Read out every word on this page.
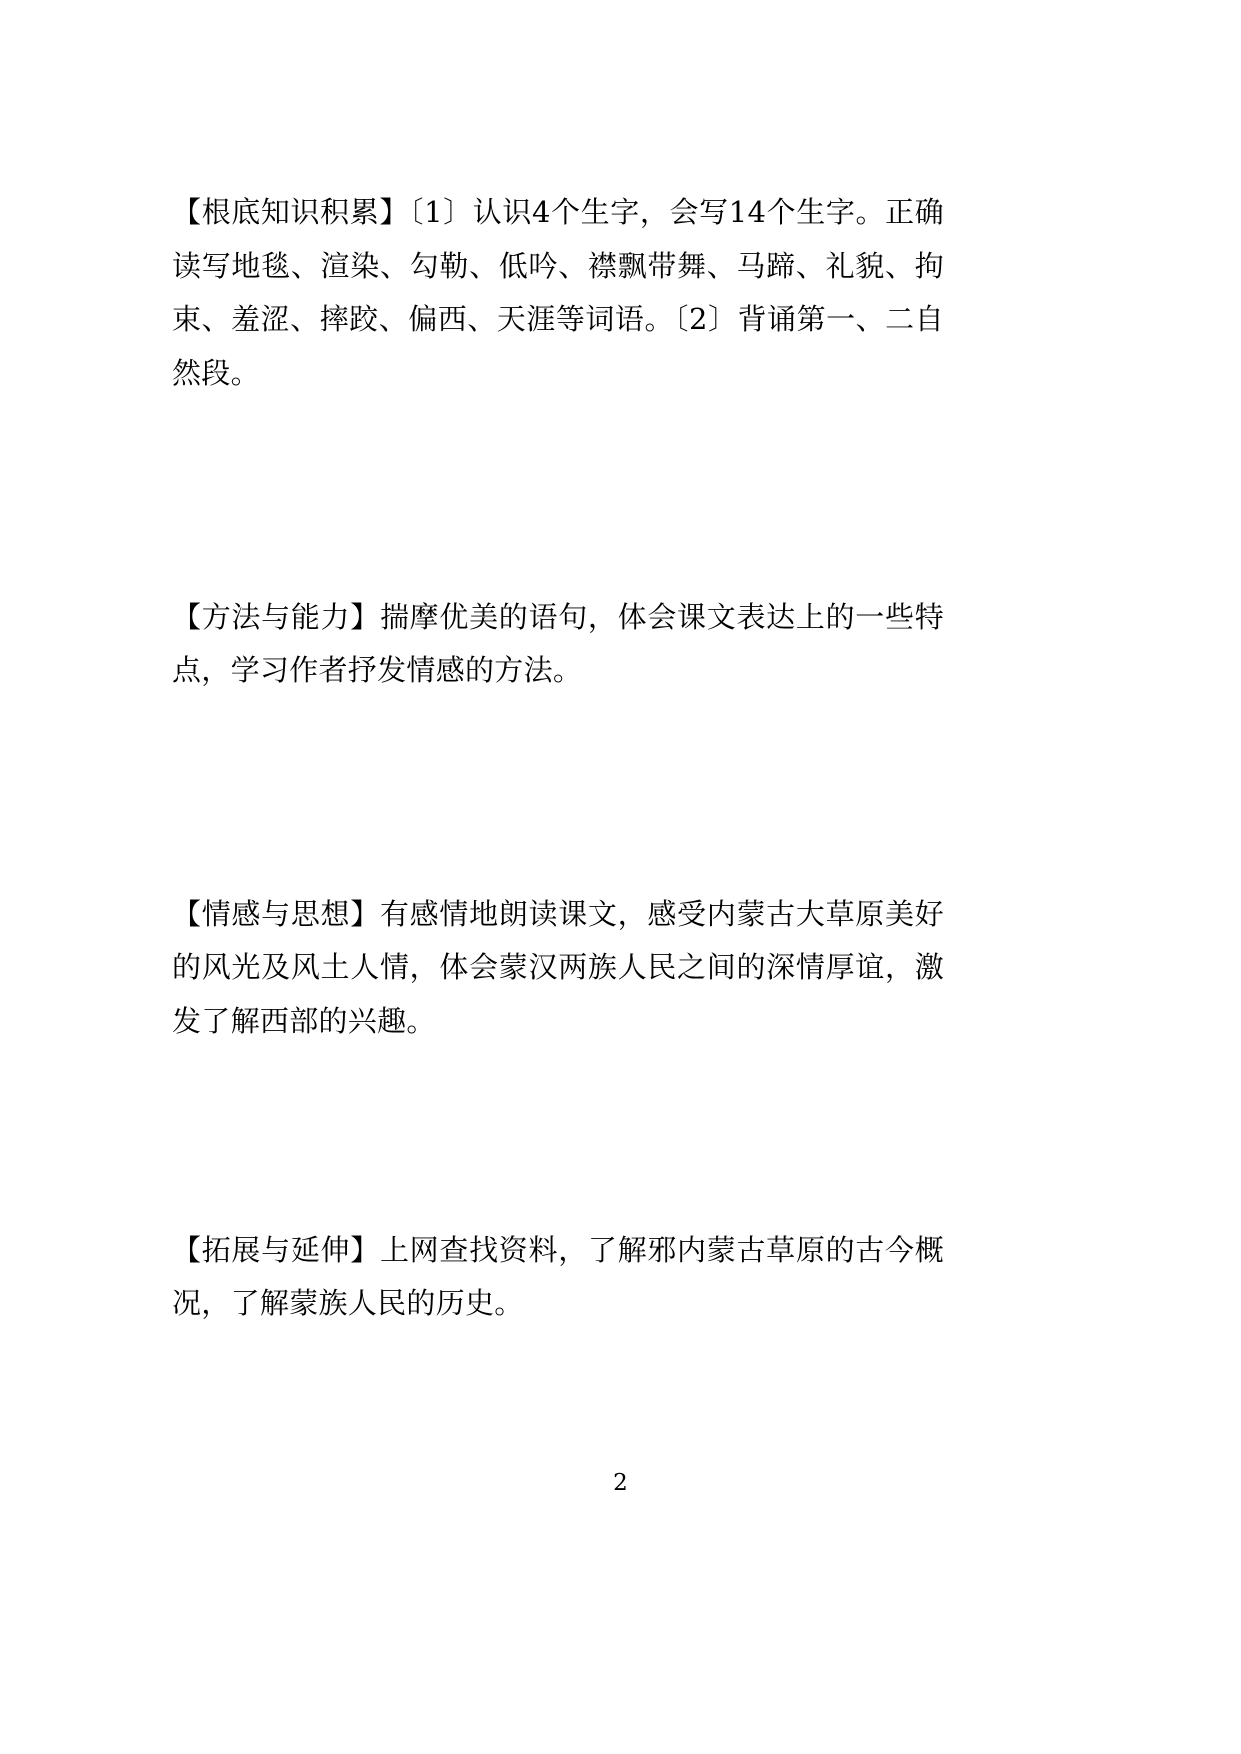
【根底知识积累】〔1〕认识4个生字，会写14个生字。正确读写地毯、渲染、勾勒、低吟、襟飘带舞、马蹄、礼貌、拘束、羞涩、摔跤、偏西、天涯等词语。〔2〕背诵第一、二自然段。

【方法与能力】揣摩优美的语句，体会课文表达上的一些特点，学习作者抒发情感的方法。

【情感与思想】有感情地朗读课文，感受内蒙古大草原美好的风光及风土人情，体会蒙汉两族人民之间的深情厚谊，激发了解西部的兴趣。

【拓展与延伸】上网查找资料，了解邪内蒙古草原的古今概况，了解蒙族人民的历史。

2
